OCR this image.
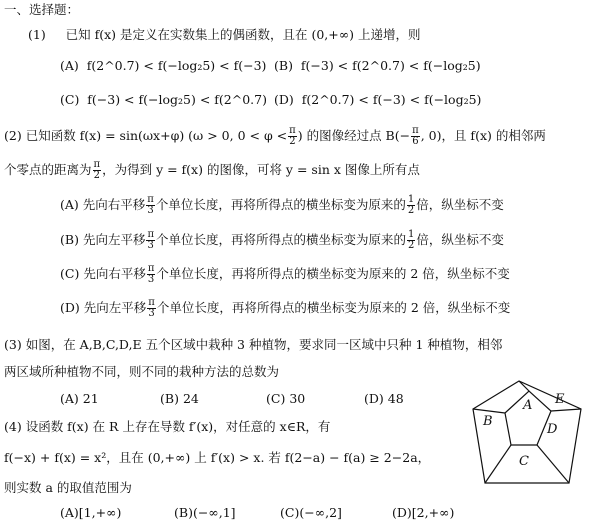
一、选择题：
(1) 已知 f(x) 是定义在实数集上的偶函数，且在 (0,+∞) 上递增，则
(A) f(2^0.7) < f(−log₂5) < f(−3) (B) f(−3) < f(2^0.7) < f(−log₂5)
(C) f(−3) < f(−log₂5) < f(2^0.7) (D) f(2^0.7) < f(−3) < f(−log₂5)
(2) 已知函数 f(x) = sin(ωx+φ) (ω > 0, $0 < \varphi < \frac{\pi}{2}$ ) 的图像经过点 $B(- \frac{\pi}{6}$ , 0)，且 f(x) 的相邻两
个零点的距离为 $\frac{\pi}{2}$ ，为得到 y = f(x) 的图像，可将 y = sin x 图像上所有点
(A) 先向右平移 $\frac{\pi}{3}$ 个单位长度，再将所得点的横坐标变为原来的 $\frac{1}{2}$ 倍，纵坐标不变
(B) 先向左平移 $\frac{\pi}{3}$ 个单位长度，再将所得点的横坐标变为原来的 $\frac{1}{2}$ 倍，纵坐标不变
(C) 先向右平移 $\frac{\pi}{3}$ 个单位长度，再将所得点的横坐标变为原来的 2 倍，纵坐标不变
(D) 先向左平移 $\frac{\pi}{3}$ 个单位长度，再将所得点的横坐标变为原来的 2 倍，纵坐标不变
(3) 如图，在 A,B,C,D,E 五个区域中栽种 3 种植物，要求同一区域中只种 1 种植物，相邻
两区域所种植物不同，则不同的栽种方法的总数为
(A) 21	(B) 24	(C) 30	(D) 48	A E
B
D
C
(4) 设函数 f(x) 在 R 上存在导数 f′(x)，对任意的 x∈R，有
f(−x) + f(x) = x²，且在 (0,+∞) 上 f′(x) > x. 若 f(2−a) − f(a) ≥ 2−2a，
则实数 a 的取值范围为
(A)[1,+∞)	(B)(−∞,1]	(C)(−∞,2]	(D)[2,+∞)
